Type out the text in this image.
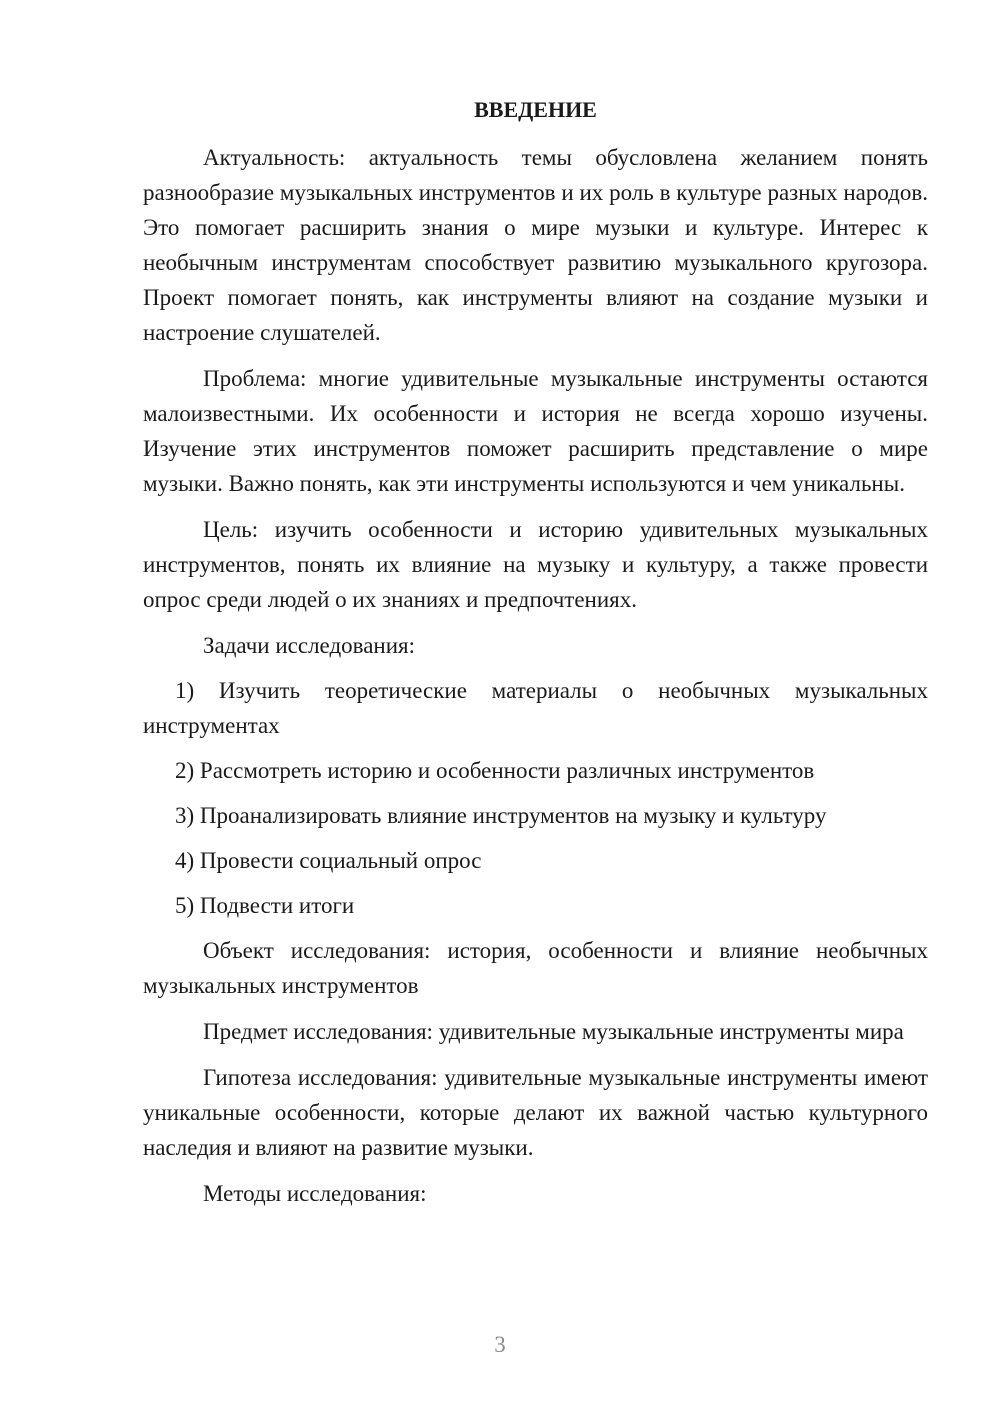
ВВЕДЕНИЕ

Актуальность: актуальность темы обусловлена желанием понять разнообразие музыкальных инструментов и их роль в культуре разных народов. Это помогает расширить знания о мире музыки и культуре. Интерес к необычным инструментам способствует развитию музыкального кругозора. Проект помогает понять, как инструменты влияют на создание музыки и настроение слушателей.

Проблема: многие удивительные музыкальные инструменты остаются малоизвестными. Их особенности и история не всегда хорошо изучены. Изучение этих инструментов поможет расширить представление о мире музыки. Важно понять, как эти инструменты используются и чем уникальны.

Цель: изучить особенности и историю удивительных музыкальных инструментов, понять их влияние на музыку и культуру, а также провести опрос среди людей о их знаниях и предпочтениях.

Задачи исследования:

1) Изучить теоретические материалы о необычных музыкальных инструментах

2) Рассмотреть историю и особенности различных инструментов

3) Проанализировать влияние инструментов на музыку и культуру

4) Провести социальный опрос

5) Подвести итоги

Объект исследования: история, особенности и влияние необычных музыкальных инструментов

Предмет исследования: удивительные музыкальные инструменты мира

Гипотеза исследования: удивительные музыкальные инструменты имеют уникальные особенности, которые делают их важной частью культурного наследия и влияют на развитие музыки.

Методы исследования:

3
